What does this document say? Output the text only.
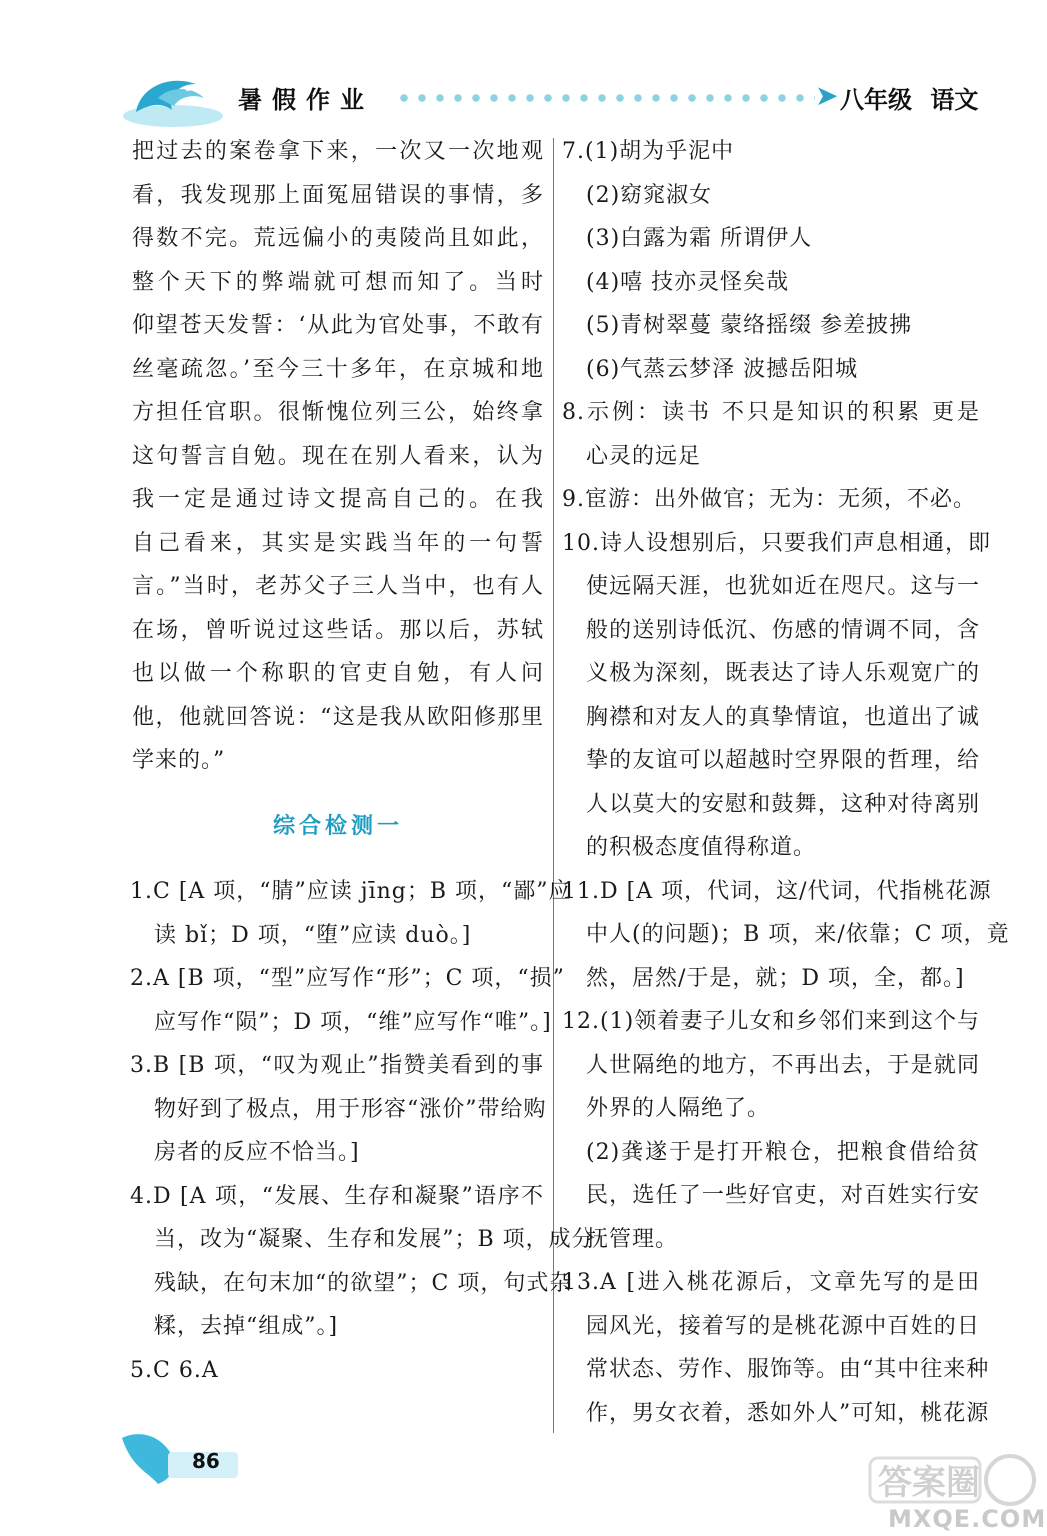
暑假作业	➤ 八年级 语文
把过去的案卷拿下来，一次又一次地观
看，我发现那上面冤屈错误的事情，多
得数不完。荒远偏小的夷陵尚且如此，
整个天下的弊端就可想而知了。当时
仰望苍天发誓：‘从此为官处事，不敢有
丝毫疏忽。’至今三十多年，在京城和地
方担任官职。很惭愧位列三公，始终拿
这句誓言自勉。现在在别人看来，认为
我一定是通过诗文提高自己的。在我
自己看来，其实是实践当年的一句誓
言。”当时，老苏父子三人当中，也有人
在场，曾听说过这些话。那以后，苏轼
也以做一个称职的官吏自勉，有人问
他，他就回答说：“这是我从欧阳修那里
学来的。”
综合检测一
1.C [A 项，“腈”应读 jīng；B 项，“鄙”应
读 bǐ；D 项，“堕”应读 duò。]
2.A [B 项，“型”应写作“形”；C 项，“损”
应写作“陨”；D 项，“维”应写作“唯”。]
3.B [B 项，“叹为观止”指赞美看到的事
物好到了极点，用于形容“涨价”带给购
房者的反应不恰当。]
4.D [A 项，“发展、生存和凝聚”语序不
当，改为“凝聚、生存和发展”；B 项，成分
残缺，在句末加“的欲望”；C 项，句式杂
糅，去掉“组成”。]
5.C 6.A
7.(1)胡为乎泥中
(2)窈窕淑女
(3)白露为霜 所谓伊人
(4)嘻 技亦灵怪矣哉
(5)青树翠蔓 蒙络摇缀 参差披拂
(6)气蒸云梦泽 波撼岳阳城
8.示例：读书 不只是知识的积累 更是
心灵的远足
9.宦游：出外做官；无为：无须，不必。
10.诗人设想别后，只要我们声息相通，即
使远隔天涯，也犹如近在咫尺。这与一
般的送别诗低沉、伤感的情调不同，含
义极为深刻，既表达了诗人乐观宽广的
胸襟和对友人的真挚情谊，也道出了诚
挚的友谊可以超越时空界限的哲理，给
人以莫大的安慰和鼓舞，这种对待离别
的积极态度值得称道。
11.D [A 项，代词，这/代词，代指桃花源
中人(的问题)；B 项，来/依靠；C 项，竟
然，居然/于是，就；D 项，全，都。]
12.(1)领着妻子儿女和乡邻们来到这个与
人世隔绝的地方，不再出去，于是就同
外界的人隔绝了。
(2)龚遂于是打开粮仓，把粮食借给贫
民，选任了一些好官吏，对百姓实行安
抚管理。
13.A [进入桃花源后，文章先写的是田
园风光，接着写的是桃花源中百姓的日
常状态、劳作、服饰等。由“其中往来种
作，男女衣着，悉如外人”可知，桃花源
86
答案圈
MXQE.COM
